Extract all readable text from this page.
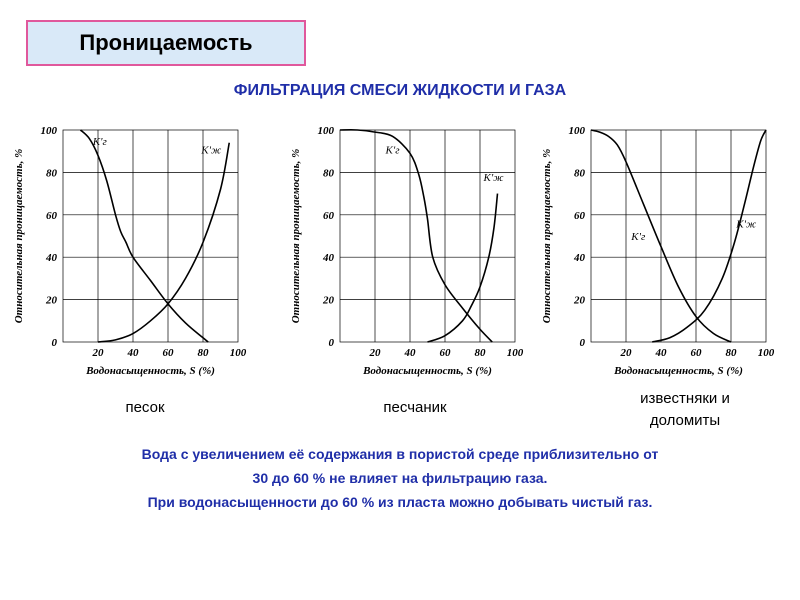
Проницаемость
ФИЛЬТРАЦИЯ СМЕСИ ЖИДКОСТИ И ГАЗА
20 40 60 80 100
0
20
40
60
80
100
Водонасыщенность, S (%)
Относительная проницаемость, %
K'г
K'ж
20 40 60 80 100
0
20
40
60
80
100
Водонасыщенность, S (%)
Относительная проницаемость, %	K'г
K'ж
20 40 60 80 100
0
20
40
60
80
100
Водонасыщенность, S (%)
Относительная проницаемость, %	K'г
K'ж
песок	песчаник
известняки и
доломиты
Вода с увеличением её содержания в пористой среде приблизительно от
30 до 60 % не влияет на фильтрацию газа.
При водонасыщенности до 60 % из пласта можно добывать чистый газ.
